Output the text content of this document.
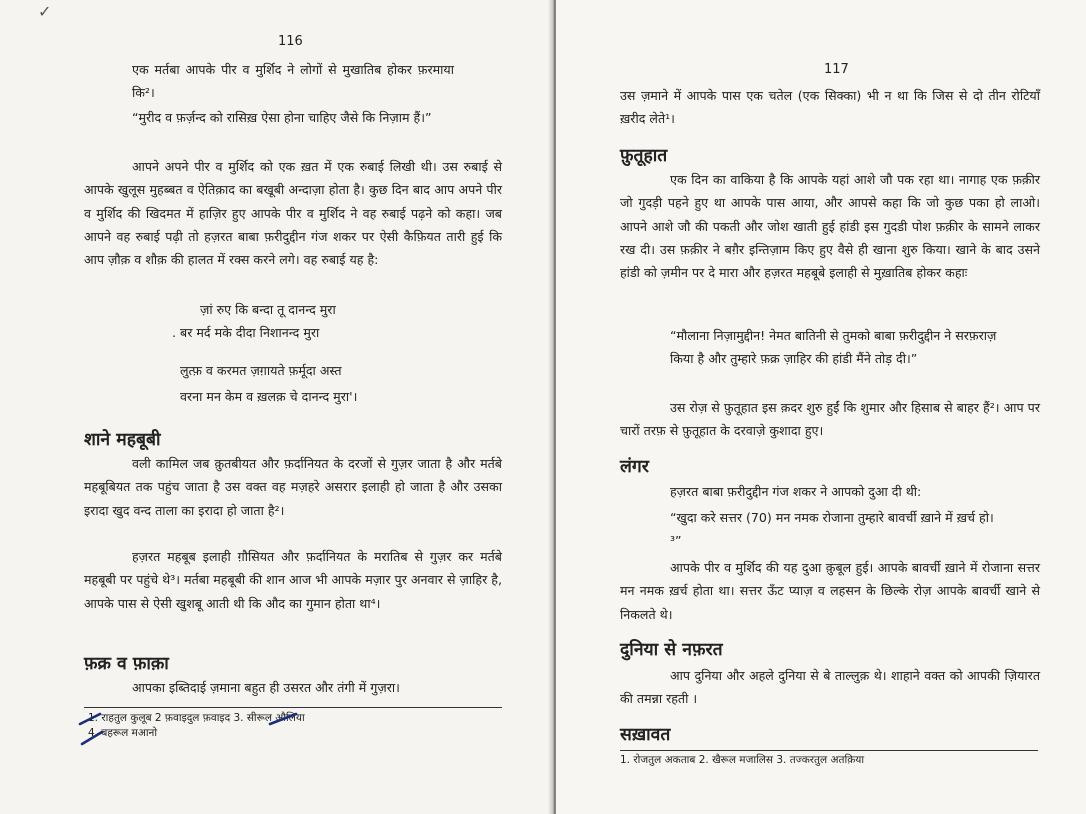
✓
116

एक मर्तबा आपके पीर व मुर्शिद ने लोगों से मुखातिब होकर फ़रमाया कि²।

“मुरीद व फ़र्ज़न्द को रासिख़ ऐसा होना चाहिए जैसे कि निज़ाम हैं।”

आपने अपने पीर व मुर्शिद को एक ख़त में एक रुबाई लिखी थी। उस रुबाई से आपके खुलूस मुहब्बत व ऐतिक़ाद का बखूबी अन्दाज़ा होता है। कुछ दिन बाद आप अपने पीर व मुर्शिद की खिदमत में हाज़िर हुए आपके पीर व मुर्शिद ने वह रुबाई पढ़ने को कहा। जब आपने वह रुबाई पढ़ी तो हज़रत बाबा फ़रीदुद्दीन गंज शकर पर ऐसी कैफ़ियत तारी हुई कि आप ज़ौक़ व शौक़ की हालत में रक्स करने लगे। वह रुबाई यह है:

ज़ां रुए कि बन्दा तू दानन्द मुरा
. बर मर्द मके दीदा निशानन्द मुरा
लुत्फ़ व करमत ज़ग़ायते फ़र्मूदा अस्त
वरना मन केम व ख़लक़ चे दानन्द मुरा'।
शाने महबूबी

वली कामिल जब क़ुतबीयत और फ़र्दानियत के दरजों से गुज़र जाता है और मर्तबे महबूबियत तक पहुंच जाता है उस वक्त वह मज़हरे असरार इलाही हो जाता है और उसका इरादा खुद वन्द ताला का इरादा हो जाता है²।

हज़रत महबूब इलाही ग़ौसियत और फ़र्दानियत के मरातिब से गुज़र कर मर्तबे महबूबी पर पहुंचे थे³। मर्तबा महबूबी की शान आज भी आपके मज़ार पुर अनवार से ज़ाहिर है, आपके पास से ऐसी खुशबू आती थी कि औद का गुमान होता था⁴।

फ़क्र व फ़ाक़ा

आपका इब्तिदाई ज़माना बहुत ही उसरत और तंगी में गुज़रा।

1. राहतुल कुलूब 2 फ़वाइदुल फ़वाइद 3. सीरूल औलिया

4. बहरूल मआनो

117

उस ज़माने में आपके पास एक चतेल (एक सिक्का) भी न था कि जिस से दो तीन रोटियाँ ख़रीद लेते¹।

फ़ुतूहात

एक दिन का वाकिया है कि आपके यहां आशे जौ पक रहा था। नागाह एक फ़क़ीर जो गुदड़ी पहने हुए था आपके पास आया, और आपसे कहा कि जो कुछ पका हो लाओ। आपने आशे जौ की पकती और जोश खाती हुई हांडी इस गुदडी पोश फ़क़ीर के सामने लाकर रख दी। उस फ़क़ीर ने बग़ैर इन्तिज़ाम किए हुए वैसे ही खाना शुरु किया। खाने के बाद उसने हांडी को ज़मीन पर दे मारा और हज़रत महबूबे इलाही से मुख़ातिब होकर कहाः

“मौलाना निज़ामुद्दीन! नेमत बातिनी से तुमको बाबा फ़रीदुद्दीन ने सरफ़राज़ किया है और तुम्हारे फ़क्र ज़ाहिर की हांडी मैंने तोड़ दी।”

उस रोज़ से फ़ुतूहात इस क़दर शुरु हुईं कि शुमार और हिसाब से बाहर हैं²। आप पर चारों तरफ़ से फ़ुतूहात के दरवाज़े कुशादा हुए।

लंगर

हज़रत बाबा फ़रीदुद्दीन गंज शकर ने आपको दुआ दी थी:

“खुदा करे सत्तर (70) मन नमक रोजाना तुम्हारे बावर्ची ख़ाने में ख़र्च हो।³”

आपके पीर व मुर्शिद की यह दुआ क़ुबूल हुई। आपके बावर्ची ख़ाने में रोजाना सत्तर मन नमक ख़र्च होता था। सत्तर ऊँट प्याज़ व लहसन के छिल्के रोज़ आपके बावर्ची खाने से निकलते थे।

दुनिया से नफ़रत

आप दुनिया और अहले दुनिया से बे ताल्लुक़ थे। शाहाने वक्त को आपकी ज़ियारत की तमन्ना रहती ।

सख़ावत

1. रोजतुल अकताब 2. खैरूल मजालिस 3. तज्करतुल अतक़िया
